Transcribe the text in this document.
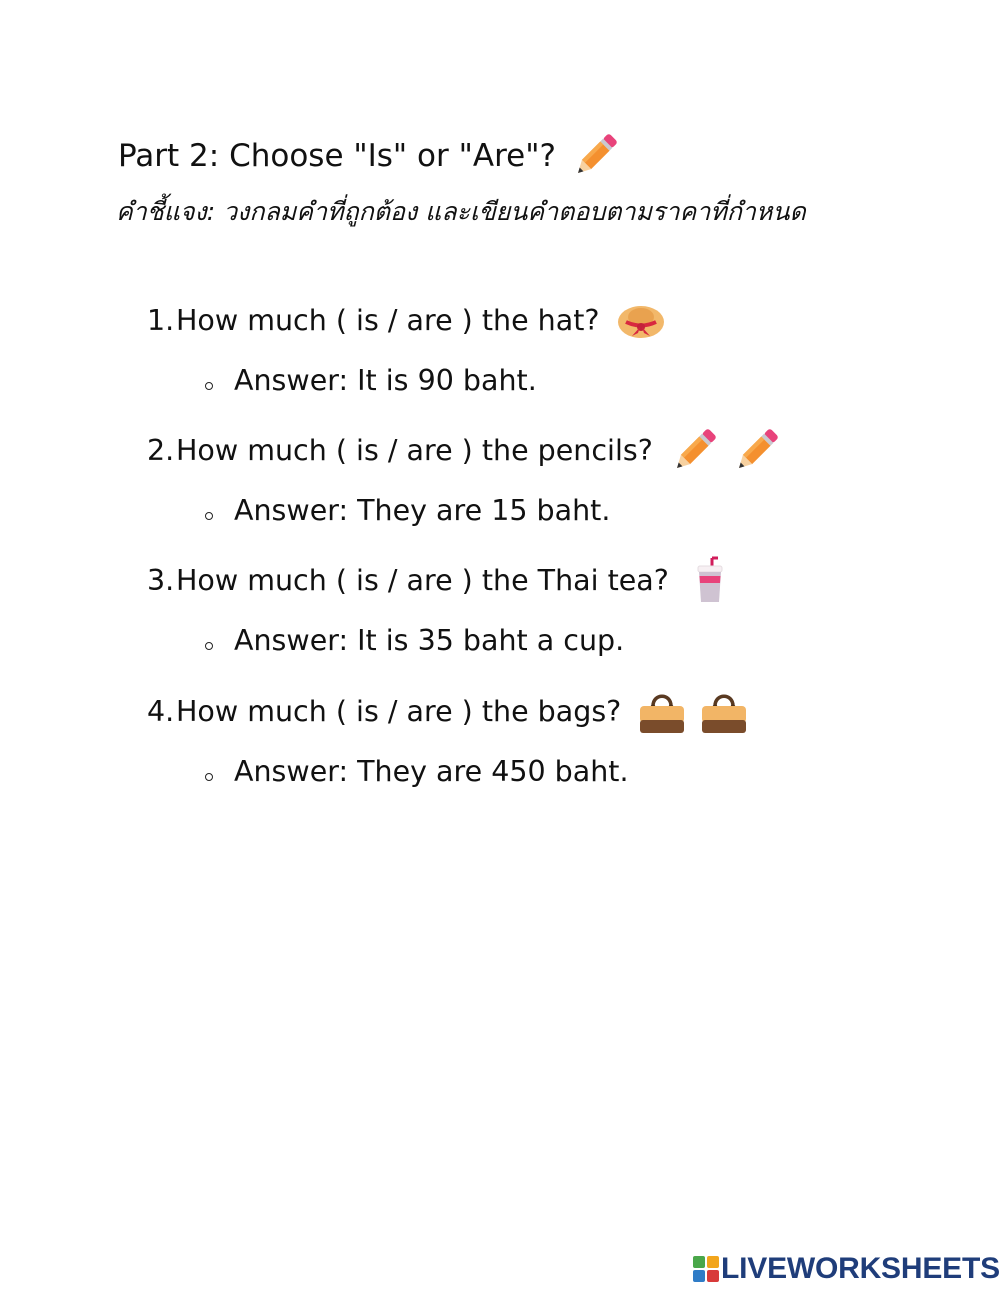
Part 2: Choose "Is" or "Are"?
คำชี้แจง: วงกลมคำที่ถูกต้อง และเขียนคำตอบตามราคาที่กำหนด
1. How much ( is / are ) the hat?
Answer: It is 90 baht.
2. How much ( is / are ) the pencils?
Answer: They are 15 baht.
3. How much ( is / are ) the Thai tea?
Answer: It is 35 baht a cup.
4. How much ( is / are ) the bags?
Answer: They are 450 baht.
LIVEWORKSHEETS
